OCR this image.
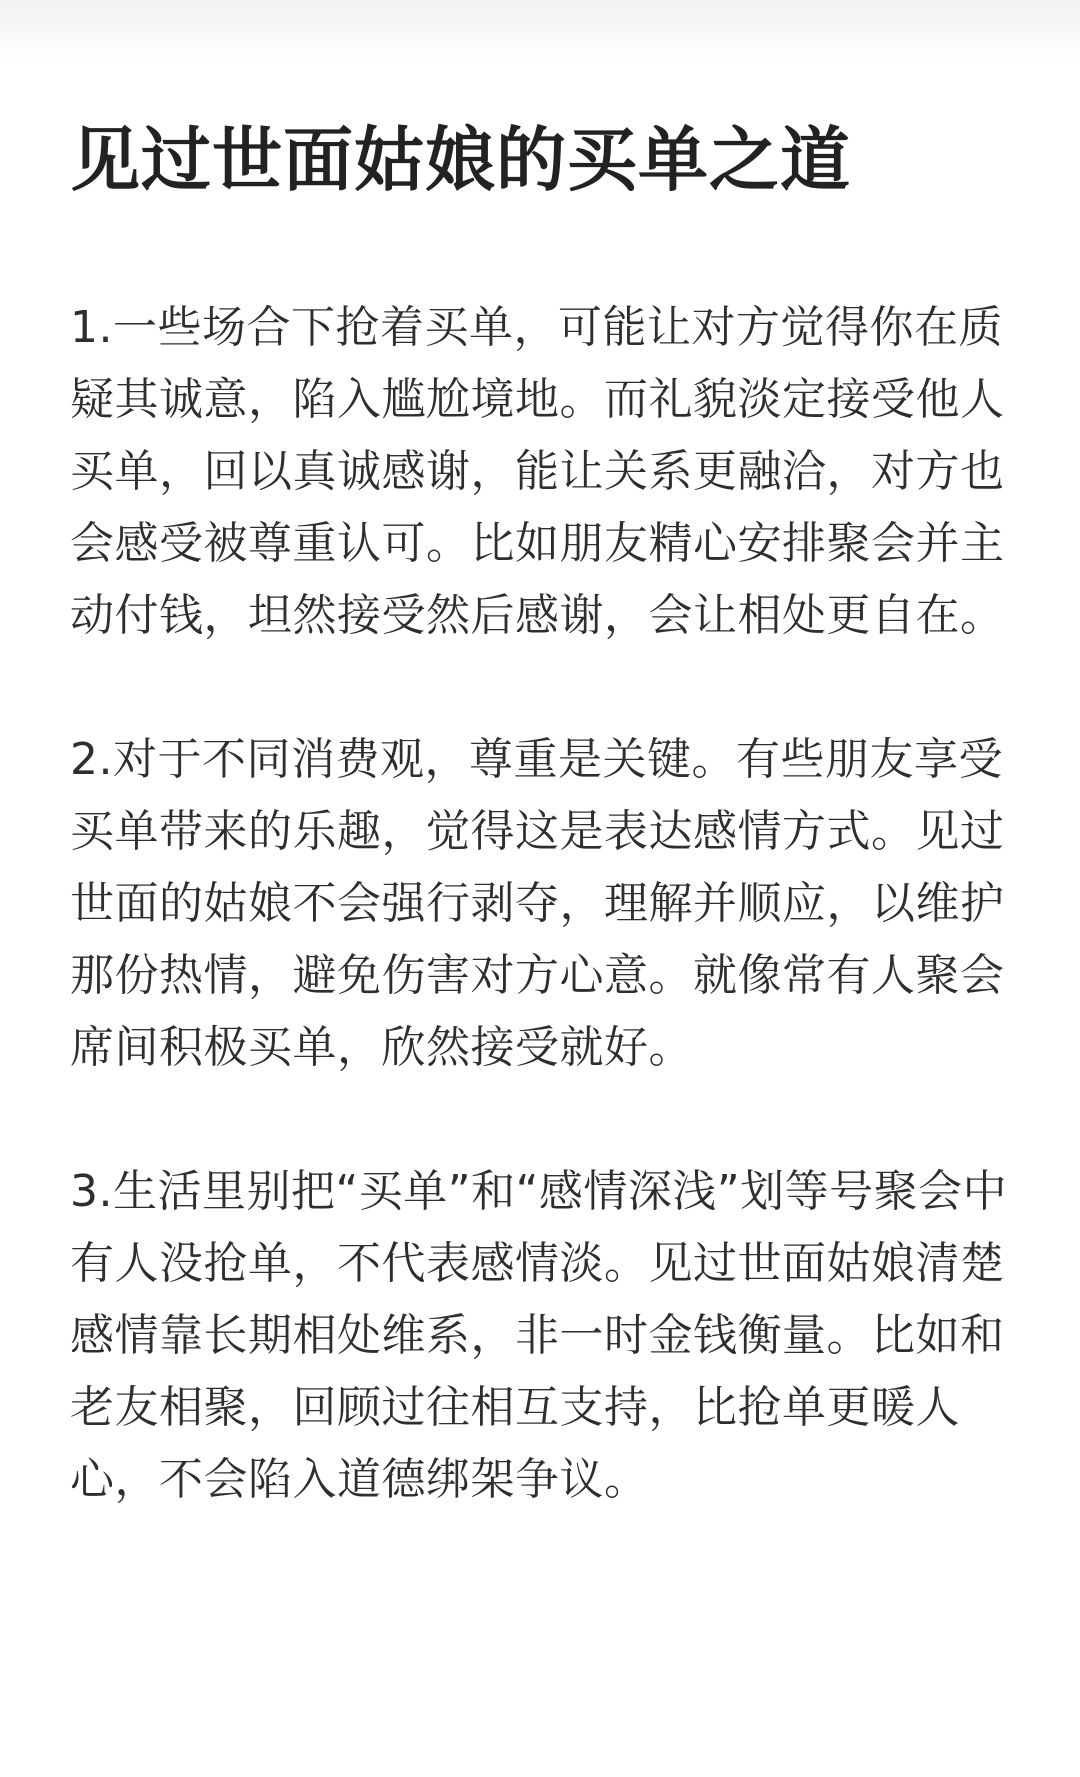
见过世面姑娘的买单之道

1.一些场合下抢着买单，可能让对方觉得你在质疑其诚意，陷入尴尬境地。而礼貌淡定接受他人买单，回以真诚感谢，能让关系更融洽，对方也会感受被尊重认可。比如朋友精心安排聚会并主动付钱，坦然接受然后感谢，会让相处更自在。

2.对于不同消费观，尊重是关键。有些朋友享受买单带来的乐趣，觉得这是表达感情方式。见过世面的姑娘不会强行剥夺，理解并顺应，以维护那份热情，避免伤害对方心意。就像常有人聚会席间积极买单，欣然接受就好。

3.生活里别把“买单”和“感情深浅”划等号聚会中有人没抢单，不代表感情淡。见过世面姑娘清楚感情靠长期相处维系，非一时金钱衡量。比如和老友相聚，回顾过往相互支持，比抢单更暖人心，不会陷入道德绑架争议。
